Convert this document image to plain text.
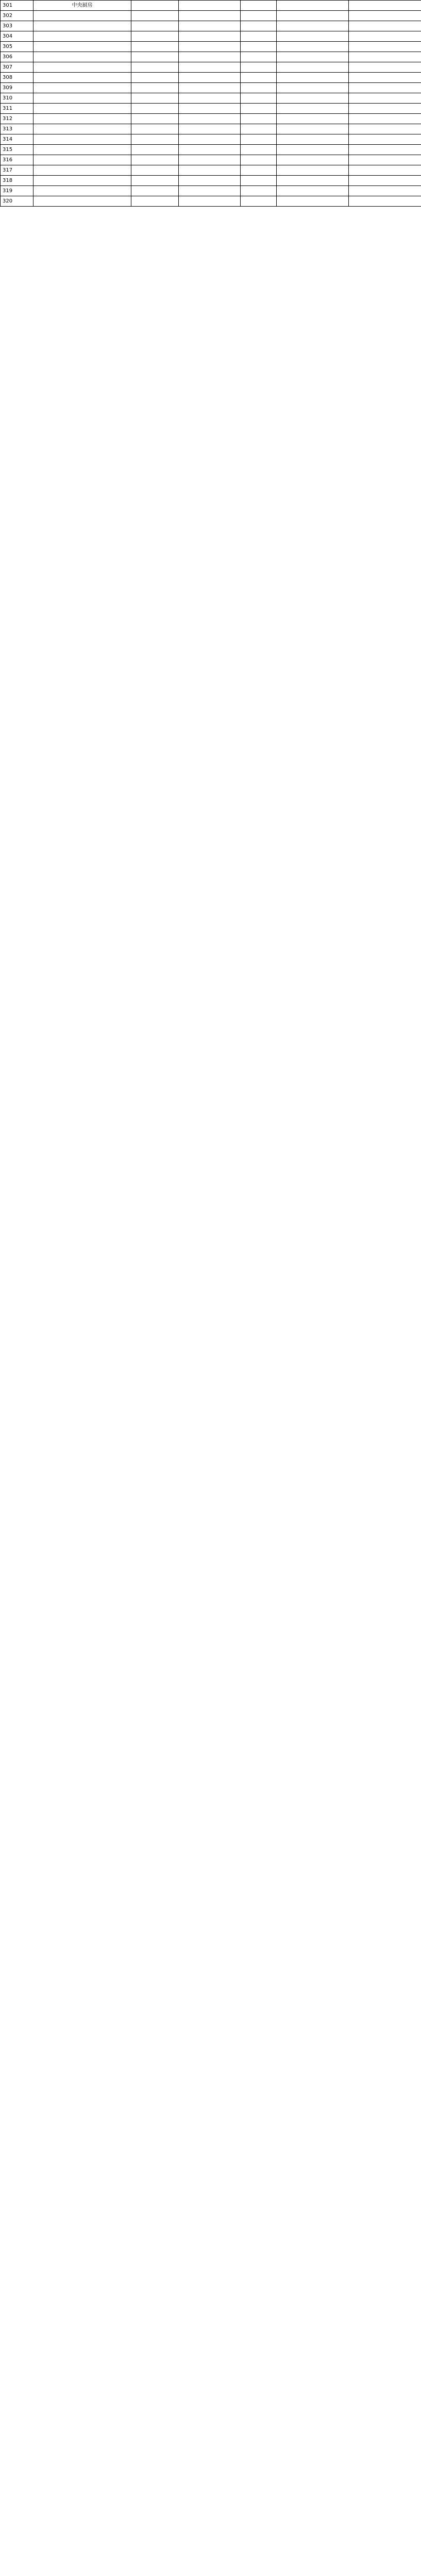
301	中央厨房					
302						
303						
304						
305						
306						
307						
308						
309						
310						
311						
312						
313						
314						
315						
316						
317						
318						
319						
320						
